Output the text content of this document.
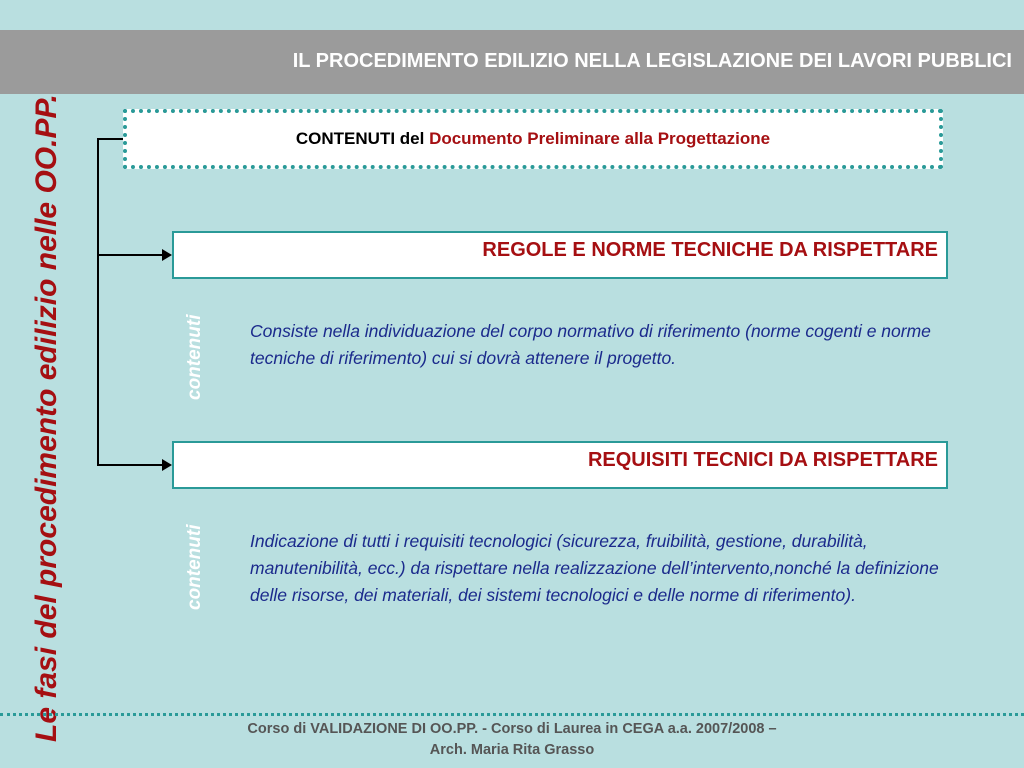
IL PROCEDIMENTO EDILIZIO NELLA LEGISLAZIONE DEI LAVORI PUBBLICI
Le fasi del procedimento edilizio nelle OO.PP.	CONTENUTI del Documento Preliminare alla Progettazione
REGOLE E NORME TECNICHE DA RISPETTARE
contenuti	Consiste nella individuazione del corpo normativo di riferimento (norme cogenti e norme tecniche di riferimento) cui si dovrà attenere il progetto.
REQUISITI TECNICI DA RISPETTARE
contenuti	Indicazione di tutti i requisiti tecnologici (sicurezza, fruibilità, gestione, durabilità, manutenibilità, ecc.) da rispettare nella realizzazione dell’intervento,nonché la definizione delle risorse, dei materiali, dei sistemi tecnologici e delle norme di riferimento).
Corso di VALIDAZIONE DI OO.PP. - Corso di Laurea in CEGA a.a. 2007/2008 –
Arch. Maria Rita Grasso
